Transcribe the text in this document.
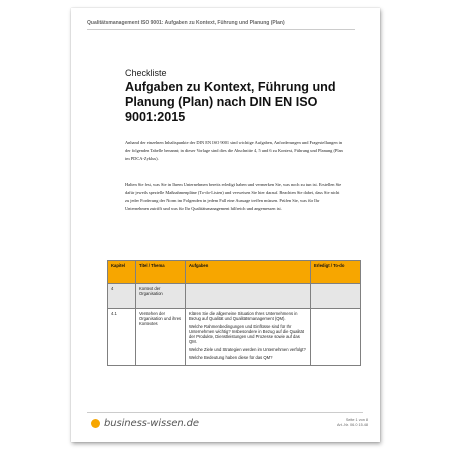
Qualitätsmanagement ISO 9001: Aufgaben zu Kontext, Führung und Planung (Plan)
Checkliste
Aufgaben zu Kontext, Führung und Planung (Plan) nach DIN EN ISO 9001:2015

Anhand der einzelnen Inhaltspunkte der DIN EN ISO 9001 sind wichtige Aufgaben, Anforderungen und Fragestellungen in der folgenden Tabelle benannt; in dieser Vorlage sind dies die Abschnitte 4, 5 und 6 zu Kontext, Führung und Planung (Plan im PDCA-Zyklus).

Halten Sie fest, was Sie in Ihrem Unternehmen bereits erledigt haben und vermerken Sie, was noch zu tun ist. Erstellen Sie dafür jeweils spezielle Maßnahmenpläne (To-do-Listen) und verweisen Sie hier darauf. Beachten Sie dabei, dass Sie nicht zu jeder Forderung der Norm im Folgenden in jedem Fall eine Aussage treffen müssen. Prüfen Sie, was für Ihr Unternehmen zutrifft und was für Ihr Qualitätsmanagement hilfreich und angemessen ist.

Kapitel	Titel / Thema	Aufgaben	Erledigt / To-do
4	Kontext der Organisation		
4.1	Verstehen der Organisation und ihres Kontextes	Klären Sie die allgemeine Situation Ihres Unternehmens in Bezug auf Qualität und Qualitätsmanagement (QM).

Welche Rahmenbedingungen und Einflüsse sind für Ihr Unternehmen wichtig? Insbesondere in Bezug auf die Qualität der Produkte, Dienstleistungen und Prozesse sowie auf das QM.

Welche Ziele und Strategien werden im Unternehmen verfolgt?

Welche Bedeutung haben diese für das QM?	

business-wissen.de	Seite 1 von 8
Art.-Nr. 06.0 15.48
